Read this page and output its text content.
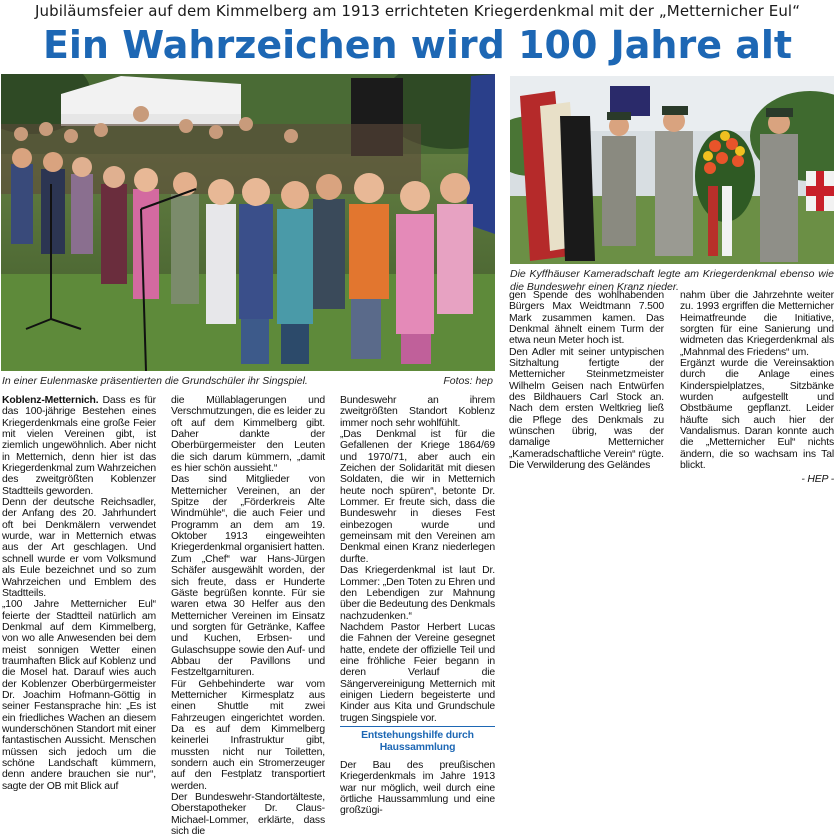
Jubiläumsfeier auf dem Kimmelberg am 1913 errichteten Kriegerdenkmal mit der „Metternicher Eul“
Ein Wahrzeichen wird 100 Jahre alt
In einer Eulenmaske präsentierten die Grundschüler ihr Singspiel.	Fotos: hep
Die Kyffhäuser Kameradschaft legte am Kriegerdenkmal ebenso wie die Bundeswehr einen Kranz nieder.

Koblenz-Metternich. Dass es für das 100-jährige Bestehen eines Kriegerdenkmals eine große Feier mit vielen Vereinen gibt, ist ziemlich ungewöhnlich. Aber nicht in Metternich, denn hier ist das Kriegerdenkmal zum Wahrzeichen des zweitgrößten Koblenzer Stadtteils geworden.

Denn der deutsche Reichsadler, der Anfang des 20. Jahrhundert oft bei Denkmälern verwendet wurde, war in Metternich etwas aus der Art geschlagen. Und schnell wurde er vom Volksmund als Eule bezeichnet und so zum Wahrzeichen und Emblem des Stadtteils.

„100 Jahre Metternicher Eul“ feierte der Stadtteil natürlich am Denkmal auf dem Kimmelberg, von wo alle Anwesenden bei dem meist sonnigen Wetter einen traumhaften Blick auf Koblenz und die Mosel hat. Darauf wies auch der Koblenzer Oberbürgermeister Dr. Joachim Hofmann-Göttig in seiner Festansprache hin: „Es ist ein friedliches Wachen an diesem wunderschönen Standort mit einer fantastischen Aussicht. Menschen müssen sich jedoch um die schöne Landschaft kümmern, denn andere brauchen sie nur“, sagte der OB mit Blick auf

die Müllablagerungen und Verschmutzungen, die es leider zu oft auf dem Kimmelberg gibt. Daher dankte der Oberbürgermeister den Leuten die sich darum kümmern, „damit es hier schön aussieht.“

Das sind Mitglieder von Metternicher Vereinen, an der Spitze der „Förderkreis Alte Windmühle“, die auch Feier und Programm an dem am 19. Oktober 1913 eingeweihten Kriegerdenkmal organisiert hatten.

Zum „Chef“ war Hans-Jürgen Schäfer ausgewählt worden, der sich freute, dass er Hunderte Gäste begrüßen konnte. Für sie waren etwa 30 Helfer aus den Metternicher Vereinen im Einsatz und sorgten für Getränke, Kaffee und Kuchen, Erbsen- und Gulaschsuppe sowie den Auf- und Abbau der Pavillons und Festzeltgarnituren.

Für Gehbehinderte war vom Metternicher Kirmesplatz aus einen Shuttle mit zwei Fahrzeugen eingerichtet worden. Da es auf dem Kimmelberg keinerlei Infrastruktur gibt, mussten nicht nur Toiletten, sondern auch ein Stromerzeuger auf den Festplatz transportiert werden.

Der Bundeswehr-Standortälteste, Oberstapotheker Dr. Claus-Michael-Lommer, erklärte, dass sich die

Bundeswehr an ihrem zweitgrößten Standort Koblenz immer noch sehr wohlfühlt.

„Das Denkmal ist für die Gefallenen der Kriege 1864/69 und 1970/71, aber auch ein Zeichen der Solidarität mit diesen Soldaten, die wir in Metternich heute noch spüren“, betonte Dr. Lommer. Er freute sich, dass die Bundeswehr in dieses Fest einbezogen wurde und gemeinsam mit den Vereinen am Denkmal einen Kranz niederlegen durfte.

Das Kriegerdenkmal ist laut Dr. Lommer: „Den Toten zu Ehren und den Lebendigen zur Mahnung über die Bedeutung des Denkmals nachzudenken.“

Nachdem Pastor Herbert Lucas die Fahnen der Vereine gesegnet hatte, endete der offizielle Teil und eine fröhliche Feier begann in deren Verlauf die Sängervereinigung Metternich mit einigen Liedern begeisterte und Kinder aus Kita und Grundschule trugen Singspiele vor.

Entstehungshilfe durch Haussammlung

Der Bau des preußischen Kriegerdenkmals im Jahre 1913 war nur möglich, weil durch eine örtliche Haussammlung und eine großzügi-

gen Spende des wohlhabenden Bürgers Max Weidtmann 7.500 Mark zusammen kamen. Das Denkmal ähnelt einem Turm der etwa neun Meter hoch ist.

Den Adler mit seiner untypischen Sitzhaltung fertigte der Metternicher Steinmetzmeister Wilhelm Geisen nach Entwürfen des Bildhauers Carl Stock an. Nach dem ersten Weltkrieg ließ die Pflege des Denkmals zu wünschen übrig, was der damalige Metternicher „Kameradschaftliche Verein“ rügte.

Die Verwilderung des Geländes

nahm über die Jahrzehnte weiter zu. 1993 ergriffen die Metternicher Heimatfreunde die Initiative, sorgten für eine Sanierung und widmeten das Kriegerdenkmal als „Mahnmal des Friedens“ um.

Ergänzt wurde die Vereinsaktion durch die Anlage eines Kinderspielplatzes, Sitzbänke wurden aufgestellt und Obstbäume gepflanzt. Leider häufte sich auch hier der Vandalismus. Daran konnte auch die „Metternicher Eul“ nichts ändern, die so wachsam ins Tal blickt.

- HEP -
